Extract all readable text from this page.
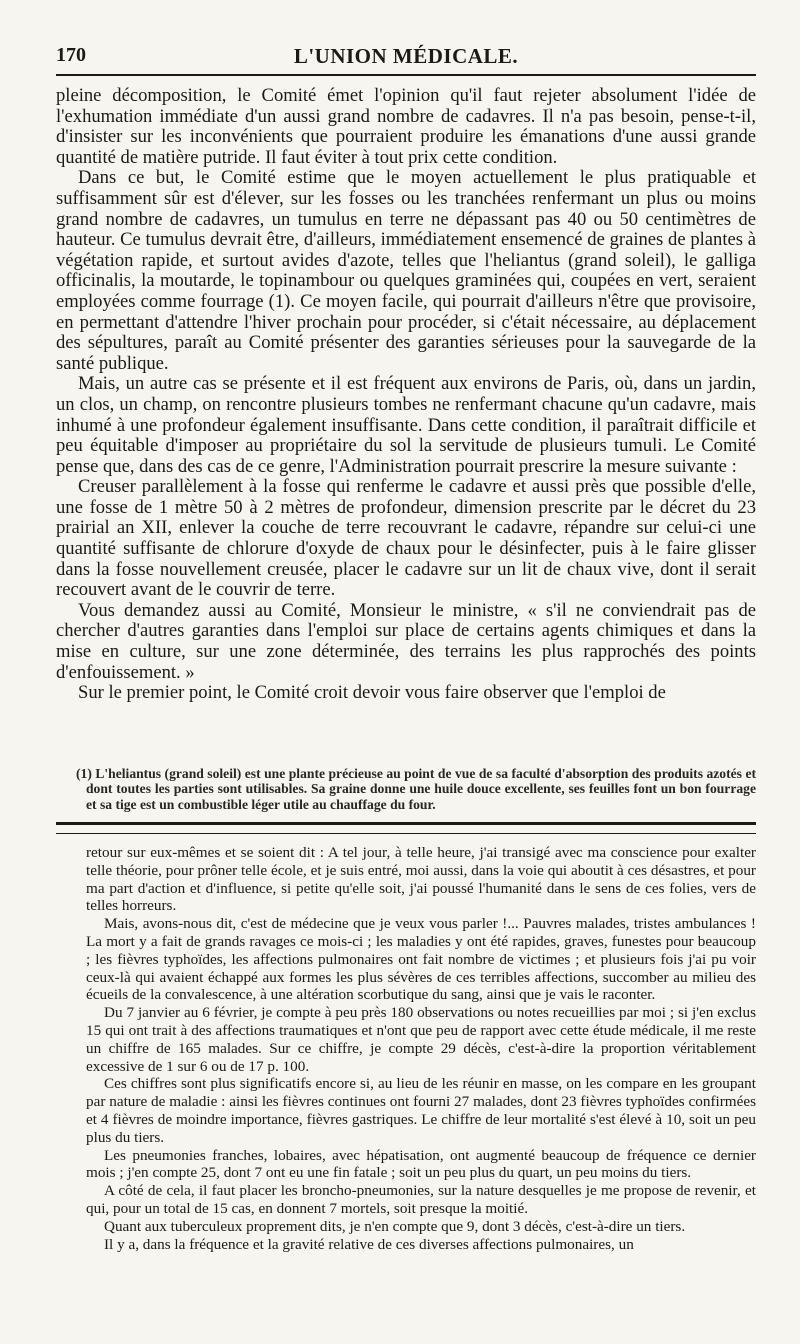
170	L'UNION MÉDICALE.

pleine décomposition, le Comité émet l'opinion qu'il faut rejeter absolument l'idée de l'exhumation immédiate d'un aussi grand nombre de cadavres. Il n'a pas besoin, pense-t-il, d'insister sur les inconvénients que pourraient produire les émanations d'une aussi grande quantité de matière putride. Il faut éviter à tout prix cette condition.

Dans ce but, le Comité estime que le moyen actuellement le plus pratiquable et suffisamment sûr est d'élever, sur les fosses ou les tranchées renfermant un plus ou moins grand nombre de cadavres, un tumulus en terre ne dépassant pas 40 ou 50 centimètres de hauteur. Ce tumulus devrait être, d'ailleurs, immédiatement ensemencé de graines de plantes à végétation rapide, et surtout avides d'azote, telles que l'heliantus (grand soleil), le galliga officinalis, la moutarde, le topinambour ou quelques graminées qui, coupées en vert, seraient employées comme fourrage (1). Ce moyen facile, qui pourrait d'ailleurs n'être que provisoire, en permettant d'attendre l'hiver prochain pour procéder, si c'était nécessaire, au déplacement des sépultures, paraît au Comité présenter des garanties sérieuses pour la sauvegarde de la santé publique.

Mais, un autre cas se présente et il est fréquent aux environs de Paris, où, dans un jardin, un clos, un champ, on rencontre plusieurs tombes ne renfermant chacune qu'un cadavre, mais inhumé à une profondeur également insuffisante. Dans cette condition, il paraîtrait difficile et peu équitable d'imposer au propriétaire du sol la servitude de plusieurs tumuli. Le Comité pense que, dans des cas de ce genre, l'Administration pourrait prescrire la mesure suivante :

Creuser parallèlement à la fosse qui renferme le cadavre et aussi près que possible d'elle, une fosse de 1 mètre 50 à 2 mètres de profondeur, dimension prescrite par le décret du 23 prairial an XII, enlever la couche de terre recouvrant le cadavre, répandre sur celui-ci une quantité suffisante de chlorure d'oxyde de chaux pour le désinfecter, puis à le faire glisser dans la fosse nouvellement creusée, placer le cadavre sur un lit de chaux vive, dont il serait recouvert avant de le couvrir de terre.

Vous demandez aussi au Comité, Monsieur le ministre, « s'il ne conviendrait pas de chercher d'autres garanties dans l'emploi sur place de certains agents chimiques et dans la mise en culture, sur une zone déterminée, des terrains les plus rapprochés des points d'enfouissement. »

Sur le premier point, le Comité croit devoir vous faire observer que l'emploi de

(1) L'heliantus (grand soleil) est une plante précieuse au point de vue de sa faculté d'absorption des produits azotés et dont toutes les parties sont utilisables. Sa graine donne une huile douce excellente, ses feuilles font un bon fourrage et sa tige est un combustible léger utile au chauffage du four.

retour sur eux-mêmes et se soient dit : A tel jour, à telle heure, j'ai transigé avec ma conscience pour exalter telle théorie, pour prôner telle école, et je suis entré, moi aussi, dans la voie qui aboutit à ces désastres, et pour ma part d'action et d'influence, si petite qu'elle soit, j'ai poussé l'humanité dans le sens de ces folies, vers de telles horreurs.

Mais, avons-nous dit, c'est de médecine que je veux vous parler !... Pauvres malades, tristes ambulances ! La mort y a fait de grands ravages ce mois-ci ; les maladies y ont été rapides, graves, funestes pour beaucoup ; les fièvres typhoïdes, les affections pulmonaires ont fait nombre de victimes ; et plusieurs fois j'ai pu voir ceux-là qui avaient échappé aux formes les plus sévères de ces terribles affections, succomber au milieu des écueils de la convalescence, à une altération scorbutique du sang, ainsi que je vais le raconter.

Du 7 janvier au 6 février, je compte à peu près 180 observations ou notes recueillies par moi ; si j'en exclus 15 qui ont trait à des affections traumatiques et n'ont que peu de rapport avec cette étude médicale, il me reste un chiffre de 165 malades. Sur ce chiffre, je compte 29 décès, c'est-à-dire la proportion véritablement excessive de 1 sur 6 ou de 17 p. 100.

Ces chiffres sont plus significatifs encore si, au lieu de les réunir en masse, on les compare en les groupant par nature de maladie : ainsi les fièvres continues ont fourni 27 malades, dont 23 fièvres typhoïdes confirmées et 4 fièvres de moindre importance, fièvres gastriques. Le chiffre de leur mortalité s'est élevé à 10, soit un peu plus du tiers.

Les pneumonies franches, lobaires, avec hépatisation, ont augmenté beaucoup de fréquence ce dernier mois ; j'en compte 25, dont 7 ont eu une fin fatale ; soit un peu plus du quart, un peu moins du tiers.

A côté de cela, il faut placer les broncho-pneumonies, sur la nature desquelles je me propose de revenir, et qui, pour un total de 15 cas, en donnent 7 mortels, soit presque la moitié.

Quant aux tuberculeux proprement dits, je n'en compte que 9, dont 3 décès, c'est-à-dire un tiers.

Il y a, dans la fréquence et la gravité relative de ces diverses affections pulmonaires, un
